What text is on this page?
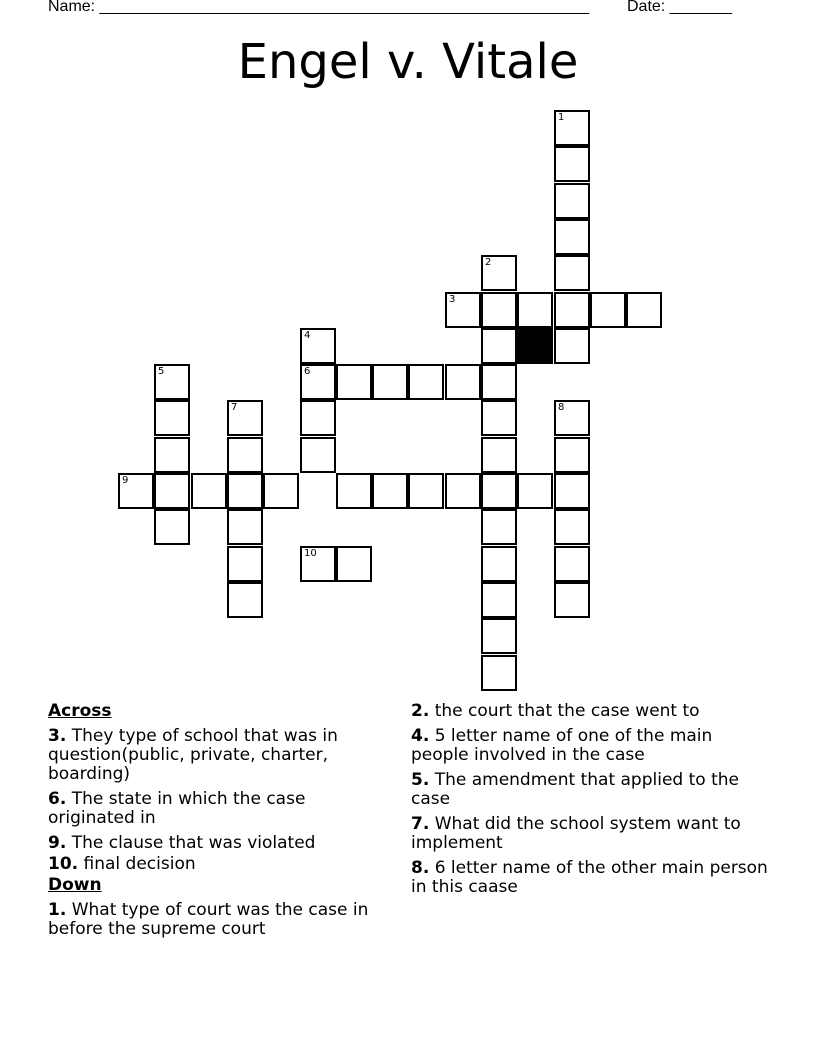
Name: _______________________________________________________ Date: _______
Engel v. Vitale
1
2
3
4
6
5
7	8
9
10
Across
3. They type of school that was in question(public, private, charter, boarding)
6. The state in which the case originated in
9. The clause that was violated
10. final decision
Down
1. What type of court was the case in before the supreme court
2. the court that the case went to
4. 5 letter name of one of the main people involved in the case
5. The amendment that applied to the case
7. What did the school system want to implement
8. 6 letter name of the other main person in this caase
